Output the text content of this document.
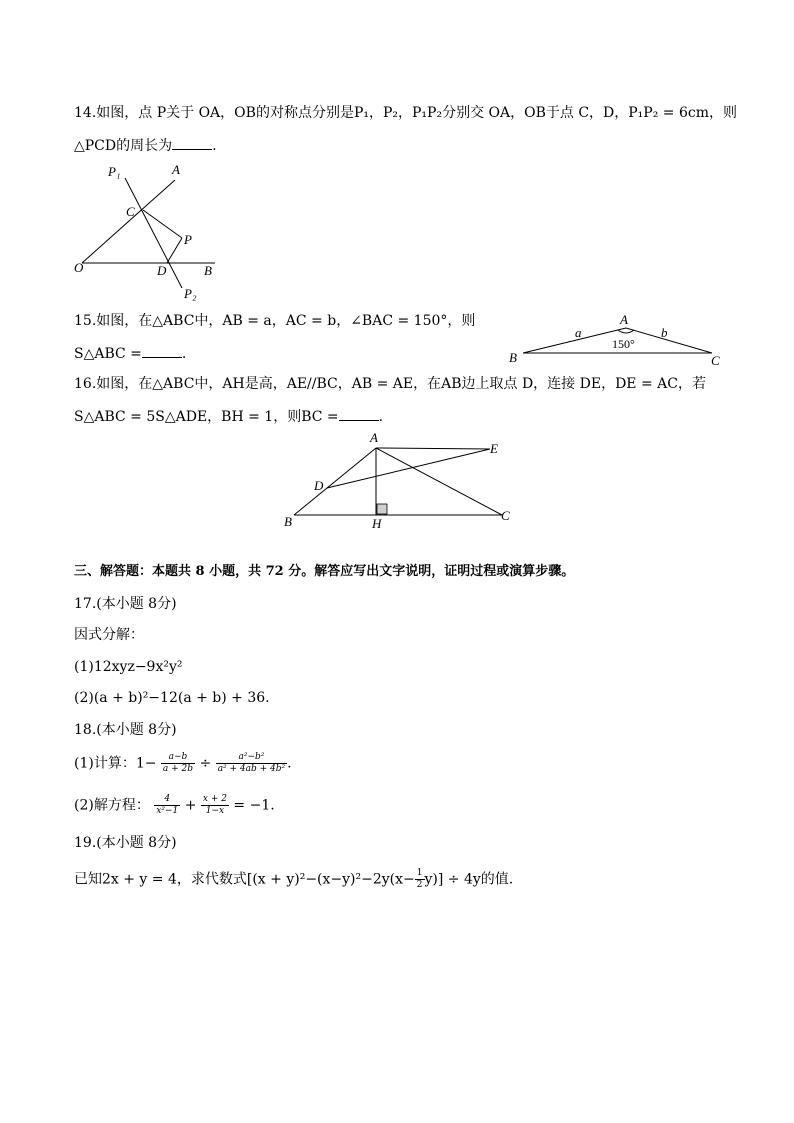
14.如图，点 P关于 OA，OB的对称点分别是P₁，P₂，P₁P₂分别交 OA，OB于点 C，D，P₁P₂ = 6cm，则
△PCD的周长为	.
P₁	A
C
P
O	D	B
P₂
15.如图，在△ABC中，AB = a，AC = b，∠BAC = 150°，则
S△ABC =	.
A
B	C
a	b
150°
16.如图，在△ABC中，AH是高，AE//BC，AB = AE，在AB边上取点 D，连接 DE，DE = AC，若
S△ABC = 5S△ADE，BH = 1，则BC =	.
A
E
D
B	H
C
三、解答题：本题共 8 小题，共 72 分。解答应写出文字说明，证明过程或演算步骤。
17.(本小题 8分)
因式分解：
(1)12xyz−9x²y²
(2)(a + b)²−12(a + b) + 36.
18.(本小题 8分)
(1)计算：$1- \frac{a-b}{a + 2b} \div \frac{\text{a²−b²}}{\text{a² + 4ab + 4b²}}$ .
(2)解方程： $\frac{4}{\text{x²−1}} + \frac{x + 2}{1-x} = -1$.
19.(本小题 8分)
已知2x + y = 4，求代数式$[(x + y)^2-(x-y)^2-2y(x- \frac{1}{2} y)] \div 4y$的值.
